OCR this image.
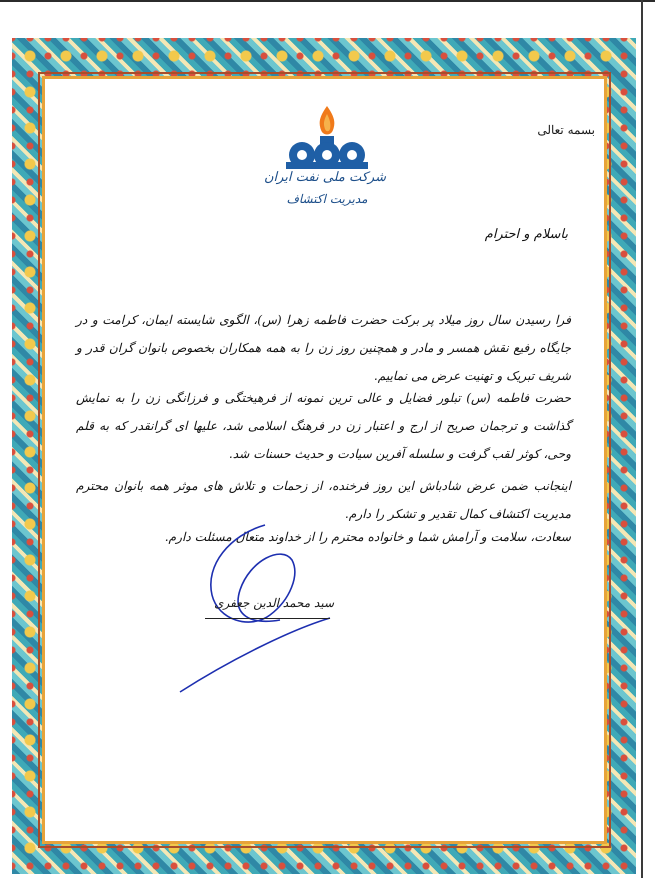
بسمه تعالی
شرکت ملی نفت ایران
مدیریت اکتشاف
باسلام و احترام
فرا رسیدن سال روز میلاد پر برکت حضرت فاطمه زهرا (س)، الگوی شایسته ایمان، کرامت و در جایگاه رفیع نقش همسر و مادر و همچنین روز زن را به همه همکاران بخصوص بانوان گران قدر و شریف تبریک و تهنیت عرض می نماییم.
حضرت فاطمه (س) تبلور فضایل و عالی ترین نمونه از فرهیختگی و فرزانگی زن را به نمایش گذاشت و ترجمان صریح از ارج و اعتبار زن در فرهنگ اسلامی شد، علیها ای گرانقدر که به قلم وحی، کوثر لقب گرفت و سلسله آفرین سیادت و حدیث حسنات شد.
اینجانب ضمن عرض شادباش این روز فرخنده، از زحمات و تلاش های موثر همه بانوان محترم مدیریت اکتشاف کمال تقدیر و تشکر را دارم.
سعادت، سلامت و آرامش شما و خانواده محترم را از خداوند متعال مسئلت دارم.
سید محمد الدین جعفری
